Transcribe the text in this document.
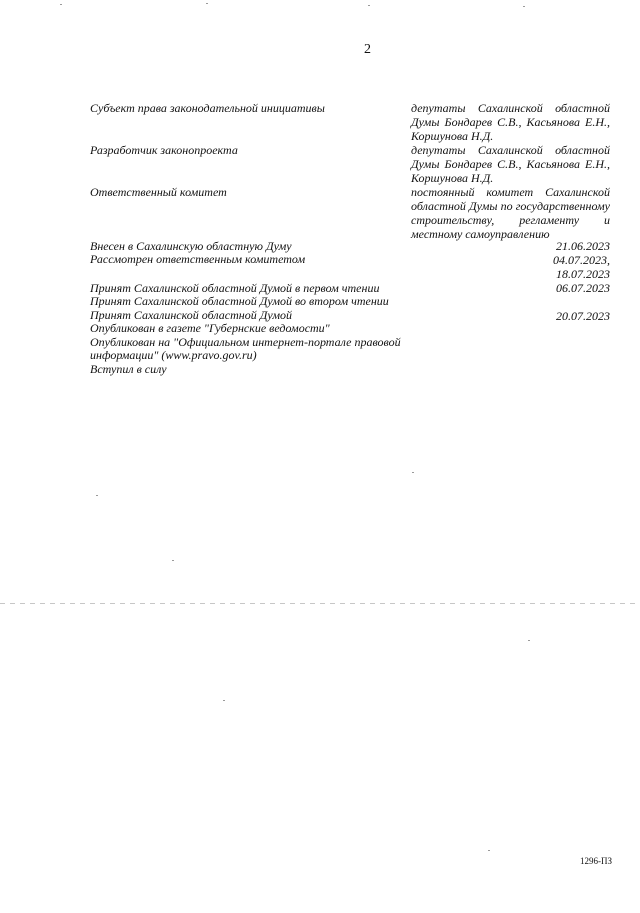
2
Субъект права законодательной инициативы	депутаты Сахалинской областной Думы Бондарев С.В., Касьянова Е.Н., Коршунова Н.Д.
Разработчик законопроекта	депутаты Сахалинской областной Думы Бондарев С.В., Касьянова Е.Н., Коршунова Н.Д.
Ответственный комитет	постоянный комитет Сахалинской областной Думы по государственному строительству, регламенту и местному самоуправлению
Внесен в Сахалинскую областную Думу	21.06.2023
Рассмотрен ответственным комитетом	04.07.2023,
18.07.2023
Принят Сахалинской областной Думой в первом чтении	06.07.2023
Принят Сахалинской областной Думой во втором чтении
Принят Сахалинской областной Думой	20.07.2023
Опубликован в газете "Губернские ведомости"
Опубликован на "Официальном интернет-портале правовой
информации" (www.pravo.gov.ru)
Вступил в силу
1296-ПЗ
